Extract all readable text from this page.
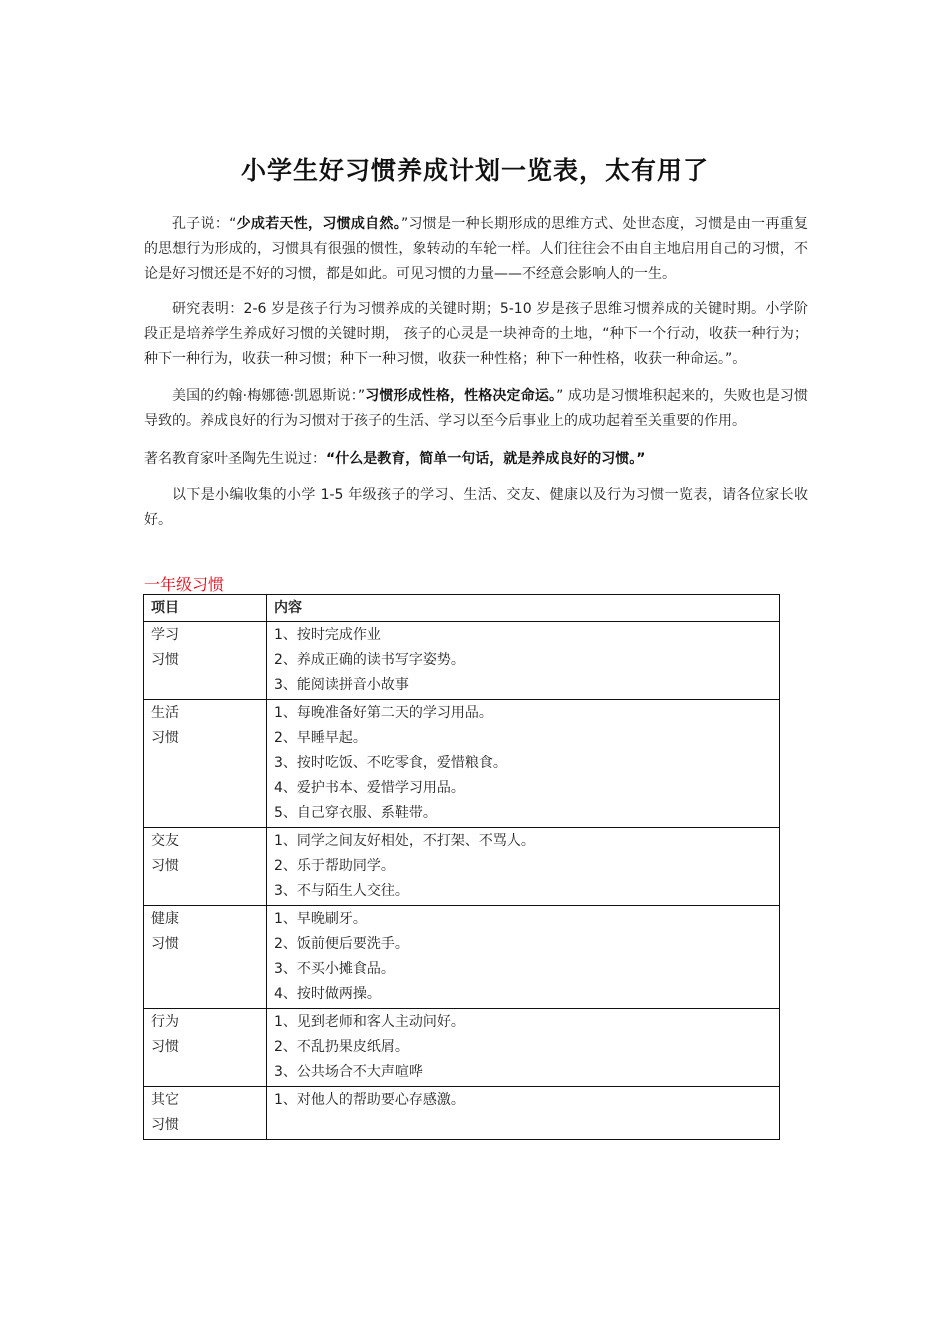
小学生好习惯养成计划一览表，太有用了

孔子说：“少成若天性，习惯成自然。”习惯是一种长期形成的思维方式、处世态度，习惯是由一再重复的思想行为形成的，习惯具有很强的惯性，象转动的车轮一样。人们往往会不由自主地启用自己的习惯，不论是好习惯还是不好的习惯，都是如此。可见习惯的力量——不经意会影响人的一生。

研究表明：2-6 岁是孩子行为习惯养成的关键时期；5-10 岁是孩子思维习惯养成的关键时期。小学阶段正是培养学生养成好习惯的关键时期， 孩子的心灵是一块神奇的土地，“种下一个行动，收获一种行为；种下一种行为，收获一种习惯；种下一种习惯，收获一种性格；种下一种性格，收获一种命运。”。

美国的约翰·梅娜德·凯恩斯说：”习惯形成性格，性格决定命运。” 成功是习惯堆积起来的，失败也是习惯导致的。养成良好的行为习惯对于孩子的生活、学习以至今后事业上的成功起着至关重要的作用。

著名教育家叶圣陶先生说过：“什么是教育，简单一句话，就是养成良好的习惯。”

以下是小编收集的小学 1-5 年级孩子的学习、生活、交友、健康以及行为习惯一览表，请各位家长收好。

一年级习惯
项目	内容

学习
习惯	1、按时完成作业
2、养成正确的读书写字姿势。
3、能阅读拼音小故事

生活
习惯	1、每晚准备好第二天的学习用品。
2、早睡早起。
3、按时吃饭、不吃零食，爱惜粮食。
4、爱护书本、爱惜学习用品。
5、自己穿衣服、系鞋带。

交友
习惯	1、同学之间友好相处，不打架、不骂人。
2、乐于帮助同学。
3、不与陌生人交往。

健康
习惯	1、早晚刷牙。
2、饭前便后要洗手。
3、不买小摊食品。
4、按时做两操。

行为
习惯	1、见到老师和客人主动问好。
2、不乱扔果皮纸屑。
3、公共场合不大声喧哗

其它
习惯	1、对他人的帮助要心存感激。
